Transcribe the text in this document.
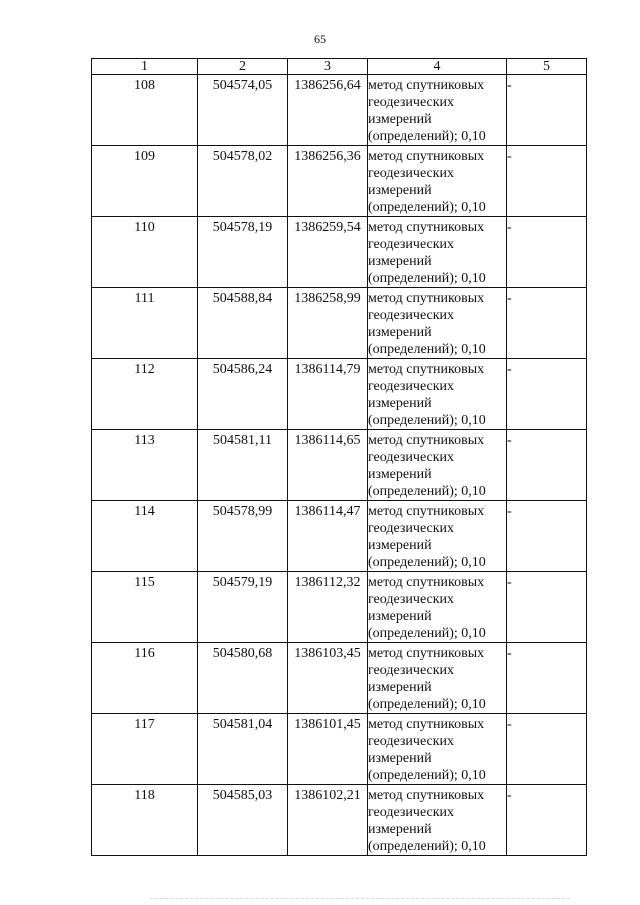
65
1	2	3	4	5
108	504574,05	1386256,64	метод спутниковых геодезических измерений (определений); 0,10	-
109	504578,02	1386256,36	метод спутниковых геодезических измерений (определений); 0,10	-
110	504578,19	1386259,54	метод спутниковых геодезических измерений (определений); 0,10	-
111	504588,84	1386258,99	метод спутниковых геодезических измерений (определений); 0,10	-
112	504586,24	1386114,79	метод спутниковых геодезических измерений (определений); 0,10	-
113	504581,11	1386114,65	метод спутниковых геодезических измерений (определений); 0,10	-
114	504578,99	1386114,47	метод спутниковых геодезических измерений (определений); 0,10	-
115	504579,19	1386112,32	метод спутниковых геодезических измерений (определений); 0,10	-
116	504580,68	1386103,45	метод спутниковых геодезических измерений (определений); 0,10	-
117	504581,04	1386101,45	метод спутниковых геодезических измерений (определений); 0,10	-
118	504585,03	1386102,21	метод спутниковых геодезических измерений (определений); 0,10	-
